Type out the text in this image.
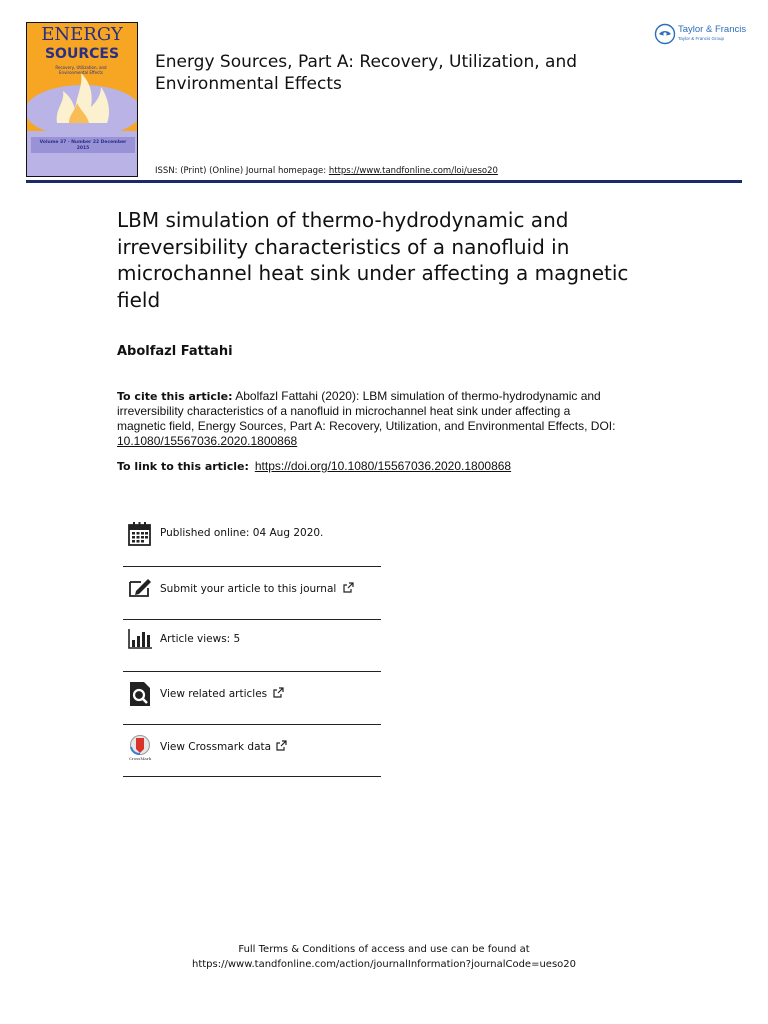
ENERGY
SOURCES
Recovery, Utilization, and Environmental Effects
Volume 37 · Number 22 December 2015
Energy Sources, Part A: Recovery, Utilization, and
Environmental Effects
Taylor & Francis
Taylor & Francis Group
ISSN: (Print) (Online) Journal homepage: https://www.tandfonline.com/loi/ueso20
LBM simulation of thermo-hydrodynamic and
irreversibility characteristics of a nanofluid in
microchannel heat sink under affecting a magnetic
field
Abolfazl Fattahi
To cite this article: Abolfazl Fattahi (2020): LBM simulation of thermo-hydrodynamic and
irreversibility characteristics of a nanofluid in microchannel heat sink under affecting a
magnetic field, Energy Sources, Part A: Recovery, Utilization, and Environmental Effects, DOI:
10.1080/15567036.2020.1800868
To link to this article: https://doi.org/10.1080/15567036.2020.1800868
Published online: 04 Aug 2020.
Submit your article to this journal
Article views: 5
View related articles
CrossMark
View Crossmark data
Full Terms & Conditions of access and use can be found at
https://www.tandfonline.com/action/journalInformation?journalCode=ueso20
